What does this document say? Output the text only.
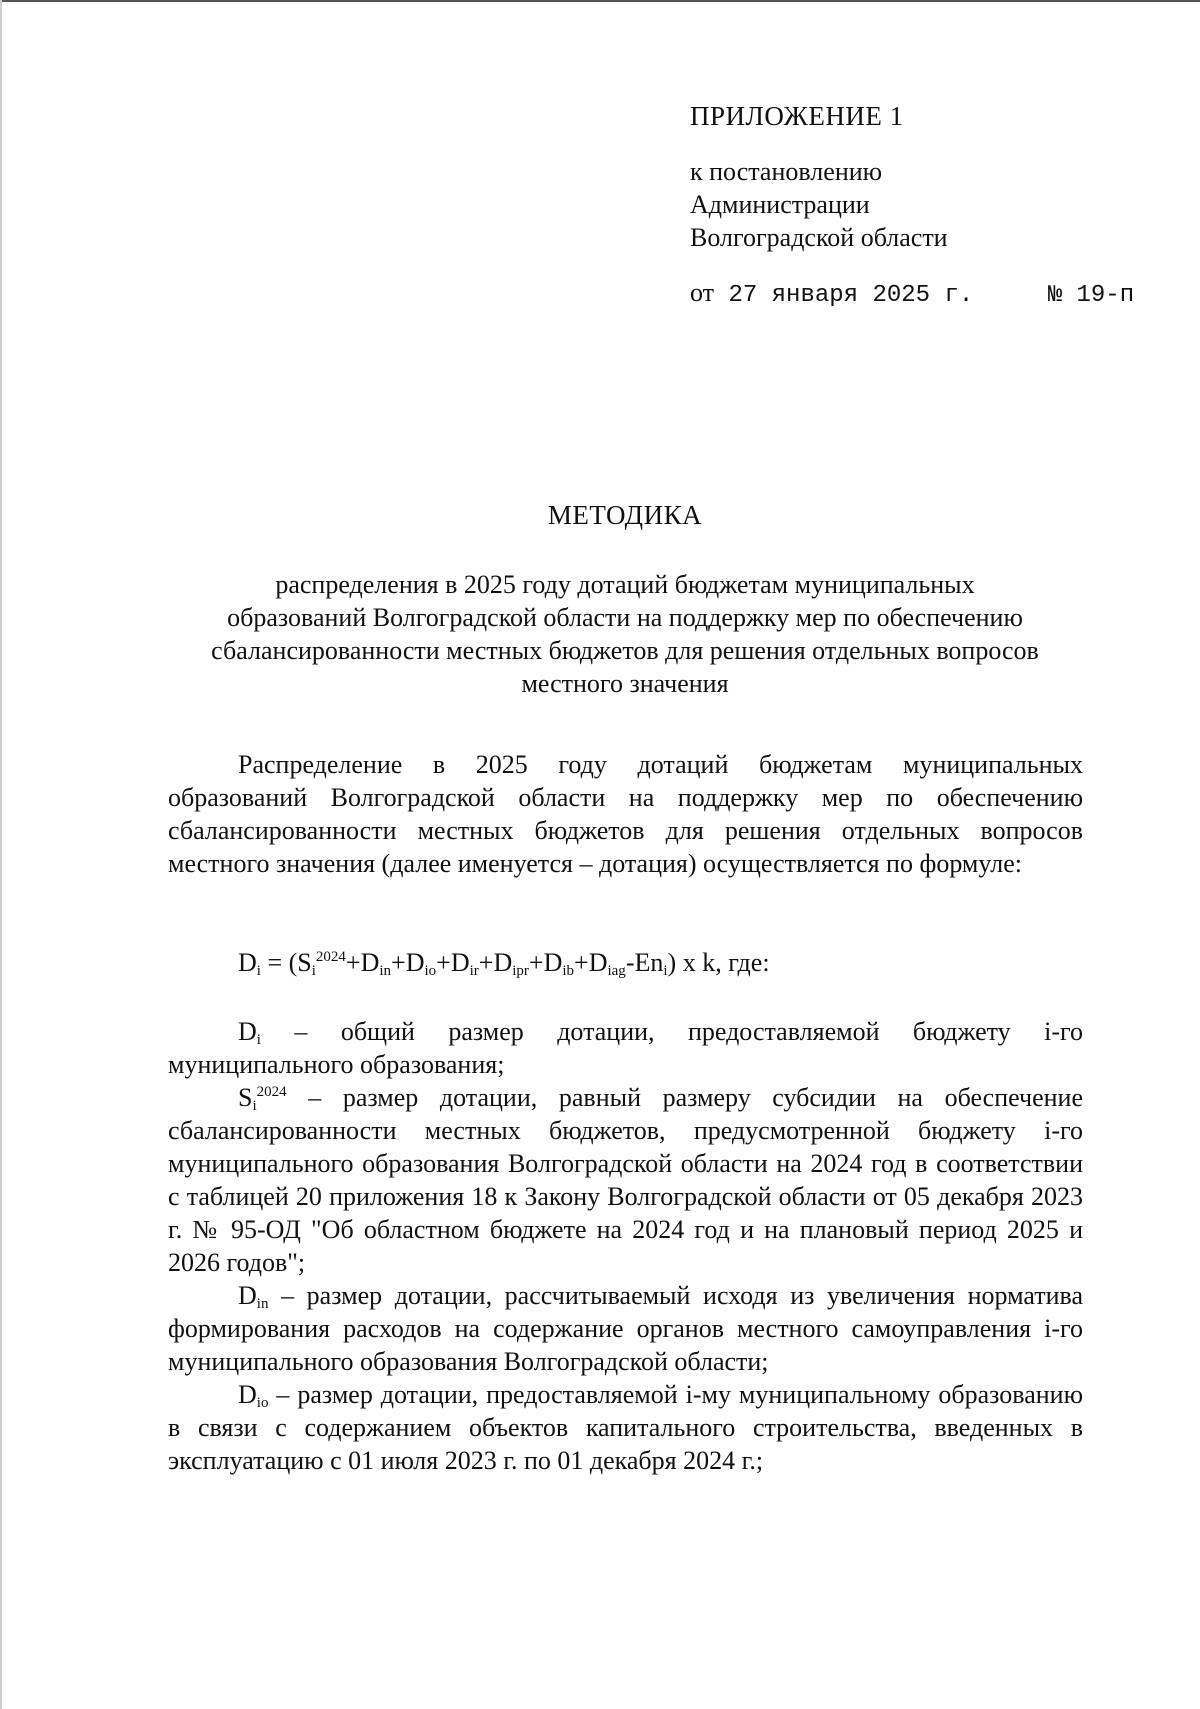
ПРИЛОЖЕНИЕ 1
к постановлению
Администрации
Волгоградской области
от 27 января 2025 г.	№ 19-п
МЕТОДИКА
распределения в 2025 году дотаций бюджетам муниципальных
образований Волгоградской области на поддержку мер по обеспечению
сбалансированности местных бюджетов для решения отдельных вопросов
местного значения

Распределение в 2025 году дотаций бюджетам муниципальных образований Волгоградской области на поддержку мер по обеспечению сбалансированности местных бюджетов для решения отдельных вопросов местного значения (далее именуется – дотация) осуществляется по формуле:

$D_i = (S_i^{2024}+D_{in}+D_{io}+D_{ir}+D_{ipr}+D_{ib}+D_{iag}-En_i)$ x k, где:

$D_i$ – общий размер дотации, предоставляемой бюджету i-го муниципального образования;

$S_i^{2024}$ – размер дотации, равный размеру субсидии на обеспечение сбалансированности местных бюджетов, предусмотренной бюджету i-го муниципального образования Волгоградской области на 2024 год в соответствии с таблицей 20 приложения 18 к Закону Волгоградской области от 05 декабря 2023 г. № 95-ОД "Об областном бюджете на 2024 год и на плановый период 2025 и 2026 годов";

$D_{in}$ – размер дотации, рассчитываемый исходя из увеличения норматива формирования расходов на содержание органов местного самоуправления i-го муниципального образования Волгоградской области;

$D_{io}$ – размер дотации, предоставляемой i-му муниципальному образованию в связи с содержанием объектов капитального строительства, введенных в эксплуатацию с 01 июля 2023 г. по 01 декабря 2024 г.;
